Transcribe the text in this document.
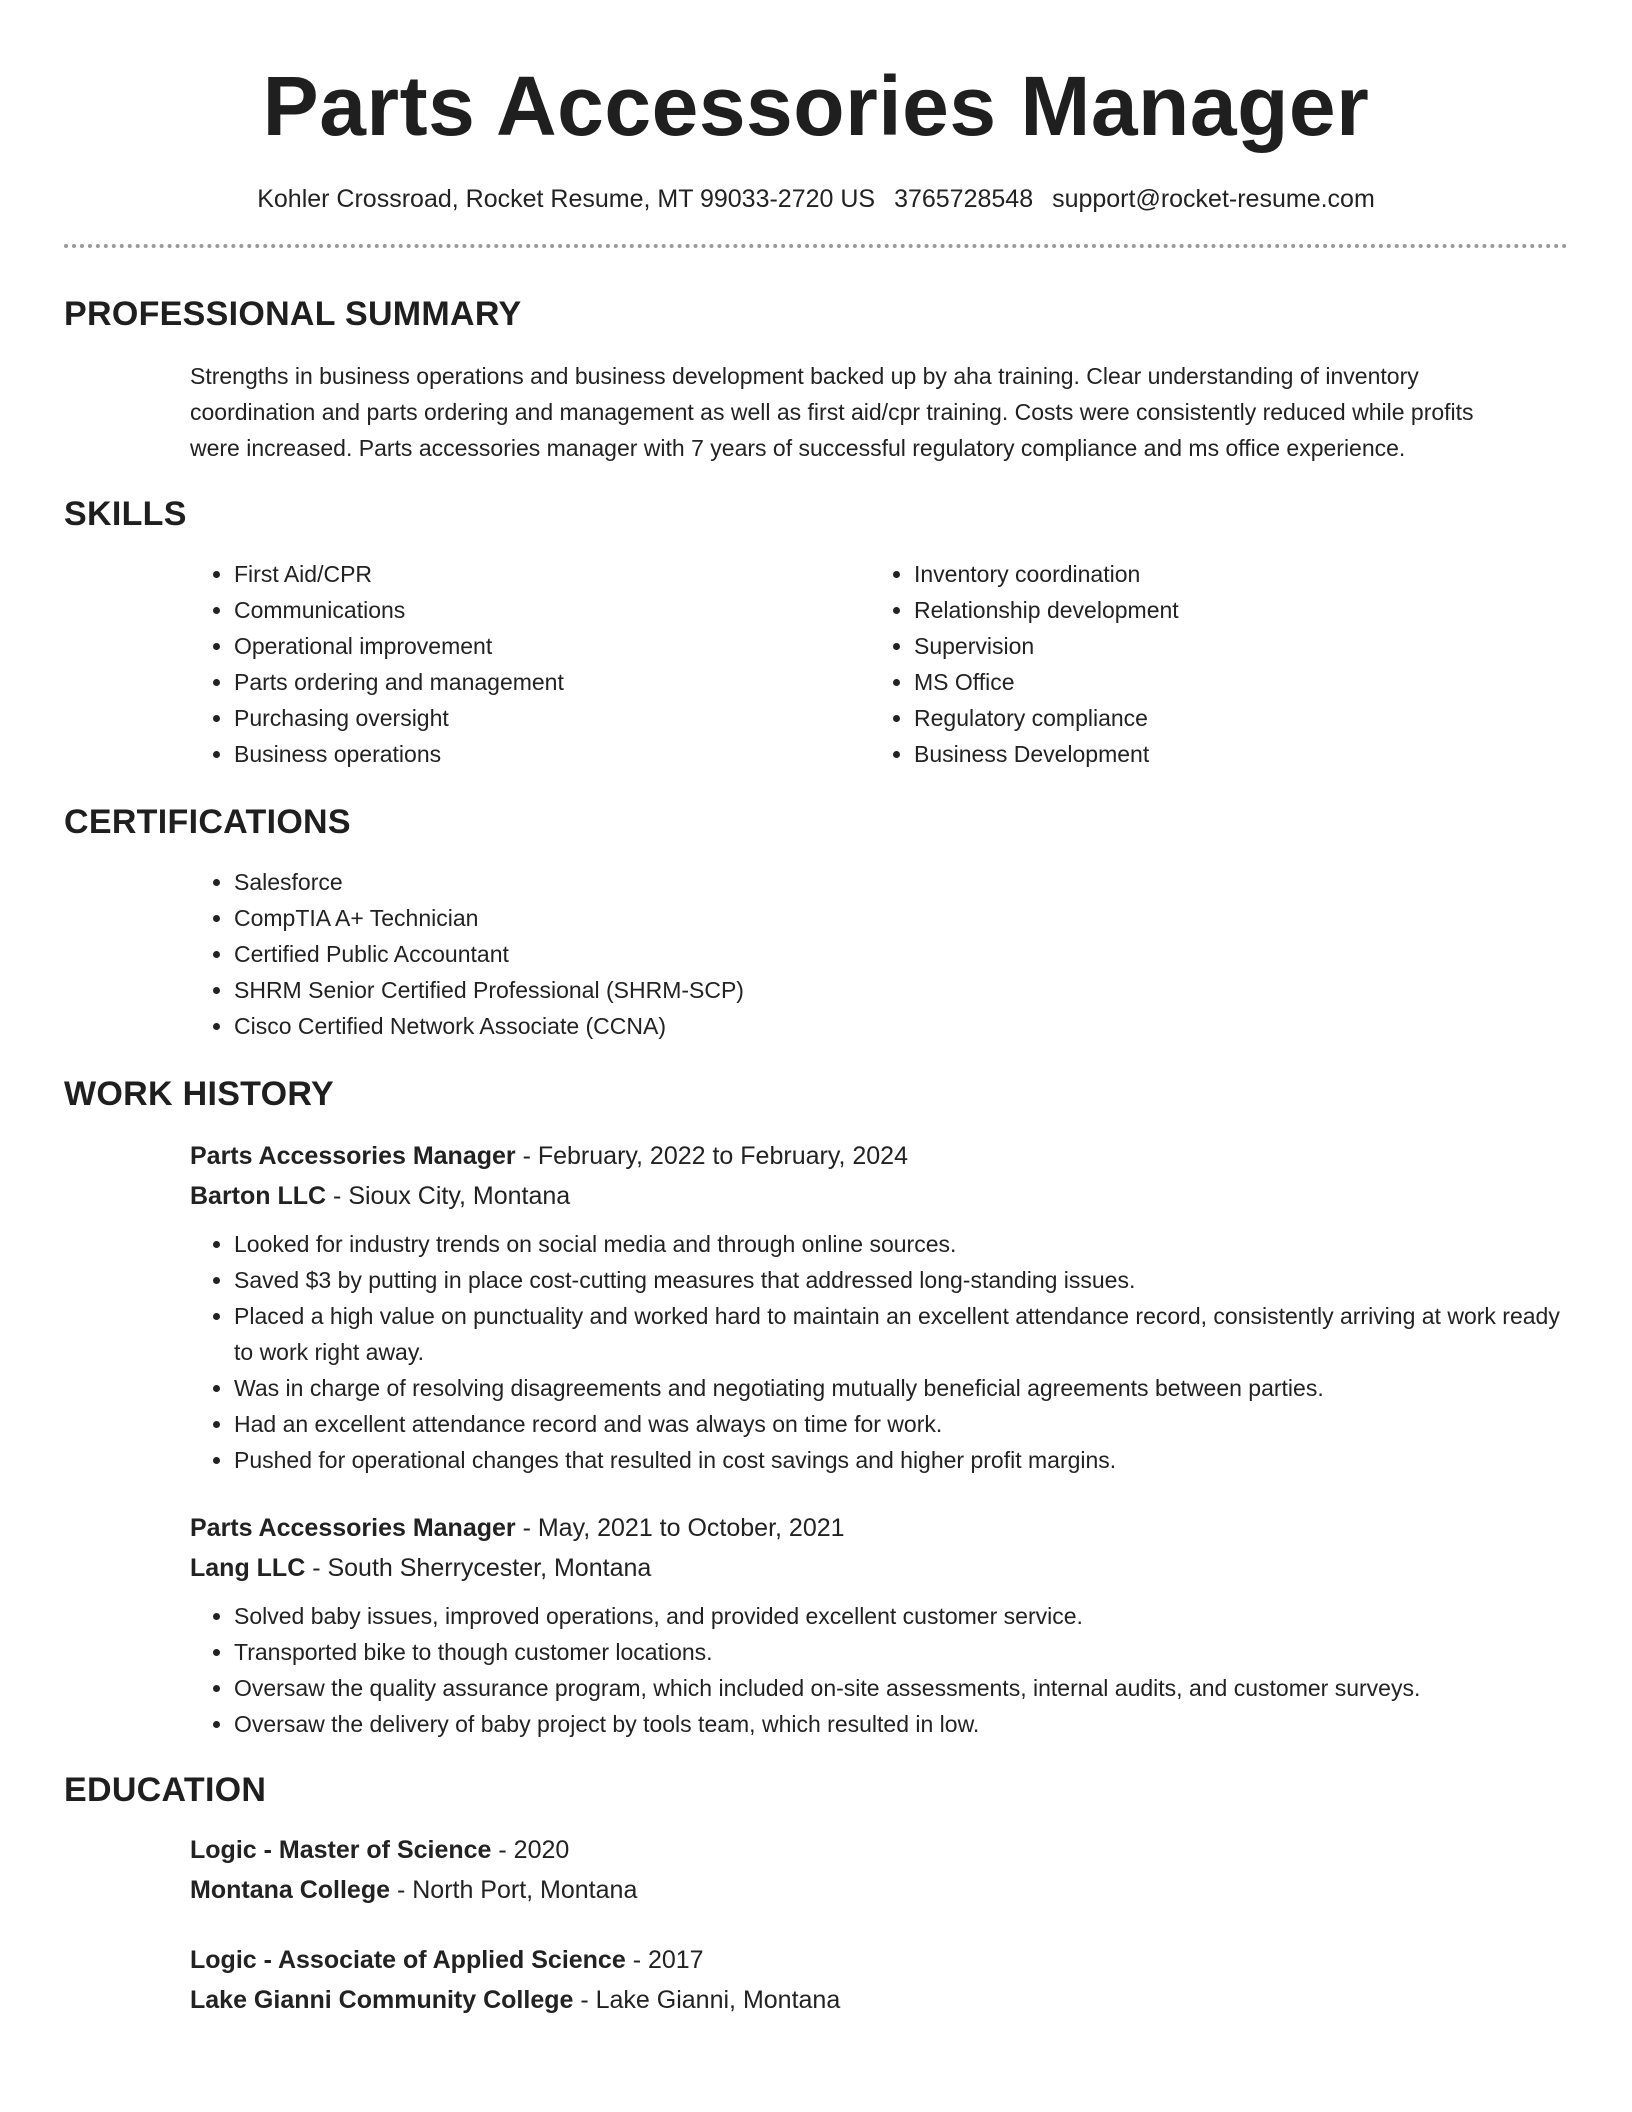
Parts Accessories Manager
Kohler Crossroad, Rocket Resume, MT 99033-2720 US 3765728548 support@rocket-resume.com
PROFESSIONAL SUMMARY
Strengths in business operations and business development backed up by aha training. Clear understanding of inventory coordination and parts ordering and management as well as first aid/cpr training. Costs were consistently reduced while profits were increased. Parts accessories manager with 7 years of successful regulatory compliance and ms office experience.
SKILLS
• First Aid/CPR
• Communications
• Operational improvement
• Parts ordering and management
• Purchasing oversight
• Business operations
• Inventory coordination
• Relationship development
• Supervision
• MS Office
• Regulatory compliance
• Business Development
CERTIFICATIONS
• Salesforce
• CompTIA A+ Technician
• Certified Public Accountant
• SHRM Senior Certified Professional (SHRM-SCP)
• Cisco Certified Network Associate (CCNA)
WORK HISTORY
Parts Accessories Manager - February, 2022 to February, 2024
Barton LLC - Sioux City, Montana
• Looked for industry trends on social media and through online sources.
• Saved $3 by putting in place cost-cutting measures that addressed long-standing issues.
• Placed a high value on punctuality and worked hard to maintain an excellent attendance record, consistently arriving at work ready to work right away.
• Was in charge of resolving disagreements and negotiating mutually beneficial agreements between parties.
• Had an excellent attendance record and was always on time for work.
• Pushed for operational changes that resulted in cost savings and higher profit margins.
Parts Accessories Manager - May, 2021 to October, 2021
Lang LLC - South Sherrycester, Montana
• Solved baby issues, improved operations, and provided excellent customer service.
• Transported bike to though customer locations.
• Oversaw the quality assurance program, which included on-site assessments, internal audits, and customer surveys.
• Oversaw the delivery of baby project by tools team, which resulted in low.
EDUCATION
Logic - Master of Science - 2020
Montana College - North Port, Montana
Logic - Associate of Applied Science - 2017
Lake Gianni Community College - Lake Gianni, Montana
